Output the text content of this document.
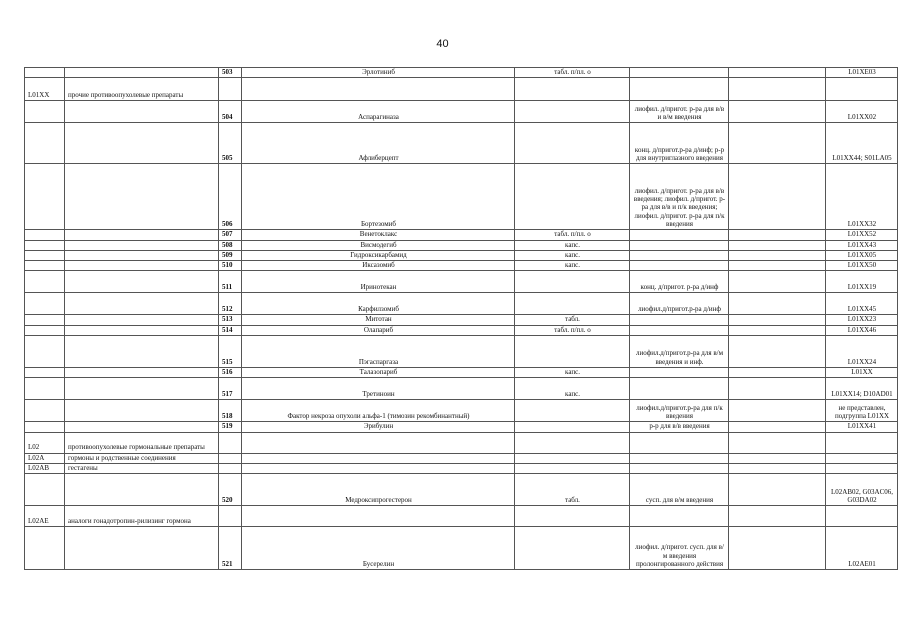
40
		503	Эрлотиниб	табл. п/пл. о			L01XE03
L01XX	прочие противоопухолевые препараты						
		504	Аспарагиназа		лиофил. д/пригот. р-ра для в/в и в/м введения		L01XX02
		505	Афлиберцепт		конц. д/пригот.р-ра д/инф; р-р для внутриглазного введения		L01XX44; S01LA05
		506	Бортезомиб		лиофил. д/пригот. р-ра для в/в введения; лиофил. д/пригот. р-ра для в/в и п/к введения; лиофил. д/пригот. р-ра для п/к введения		L01XX32
		507	Венетоклакс	табл. п/пл. о			L01XX52
		508	Висмодегиб	капс.			L01XX43
		509	Гидроксикарбамид	капс.			L01XX05
		510	Иксазомиб	капс.			L01XX50
		511	Иринотекан		конц. д/пригот. р-ра д/инф		L01XX19
		512	Карфилзомиб		лиофил.д/пригот.р-ра д/инф		L01XX45
		513	Митотан	табл.			L01XX23
		514	Олапариб	табл. п/пл. о			L01XX46
		515	Пэгаспаргаза		лиофил.д/пригот.р-ра для в/м введения и инф.		L01XX24
		516	Талазопариб	капс.			L01XX
		517	Третиноин	капс.			L01XX14; D10AD01
		518	Фактор некроза опухоли альфа-1 (тимозин рекомбинантный)		лиофил.д/пригот.р-ра для п/к введения		не представлен, подгруппа L01XX
		519	Эрибулин		р-р для в/в введения		L01XX41
L02	противоопухолевые гормональные препараты						
L02A	гормоны и родственные соединения						
L02AB	гестагены						
		520	Медроксипрогестерон	табл.	сусп. для в/м введения		L02AB02, G03AC06, G03DA02
L02AE	аналоги гонадотропин-рилизинг гормона						
		521	Бусерелин		лиофил. д/пригот. сусп. для в/м введения пролонгированного действия		L02AE01
